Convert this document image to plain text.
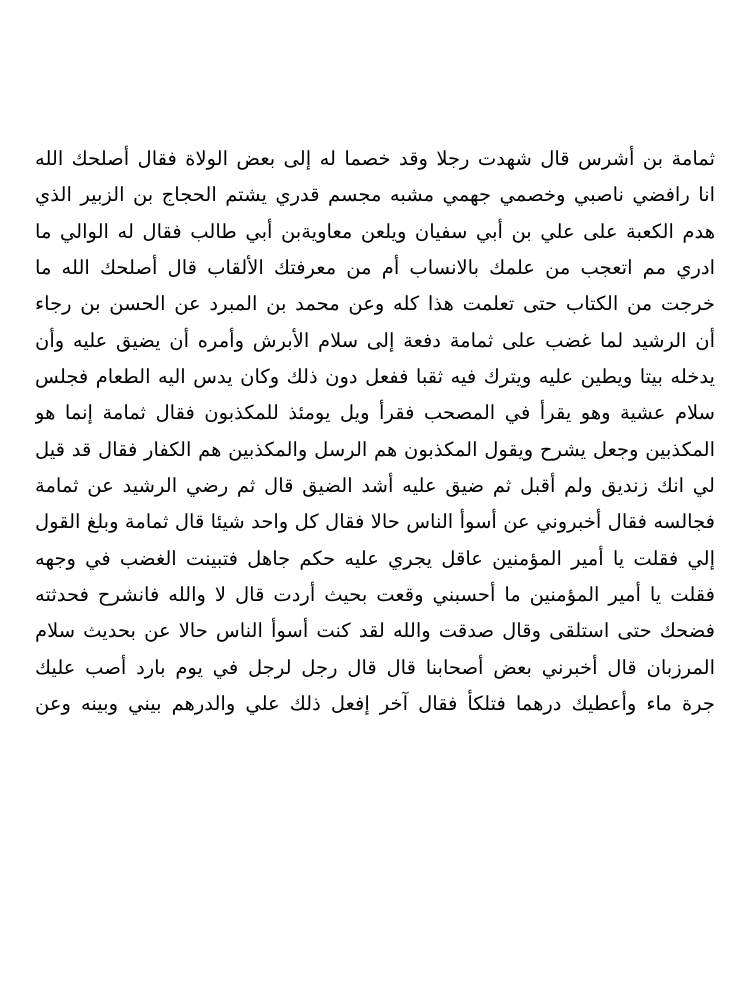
ثمامة بن أشرس قال شهدت رجلا وقد خصما له إلى بعض الولاة فقال أصلحك الله
انا رافضي ناصبي وخصمي جهمي مشبه مجسم قدري يشتم الحجاج بن الزبير الذي
هدم الكعبة على علي بن أبي سفيان ويلعن معاويةبن أبي طالب فقال له الوالي ما
ادري مم اتعجب من علمك بالانساب أم من معرفتك الألقاب قال أصلحك الله ما
خرجت من الكتاب حتى تعلمت هذا كله وعن محمد بن المبرد عن الحسن بن رجاء
أن الرشيد لما غضب على ثمامة دفعة إلى سلام الأبرش وأمره أن يضيق عليه وأن
يدخله بيتا ويطين عليه ويترك فيه ثقبا ففعل دون ذلك وكان يدس اليه الطعام فجلس
سلام عشية وهو يقرأ في المصحب فقرأ ويل يومئذ للمكذبون فقال ثمامة إنما هو
المكذبين وجعل يشرح ويقول المكذبون هم الرسل والمكذبين هم الكفار فقال قد قيل
لي انك زنديق ولم أقبل ثم ضيق عليه أشد الضيق قال ثم رضي الرشيد عن ثمامة
فجالسه فقال أخبروني عن أسوأ الناس حالا فقال كل واحد شيئا قال ثمامة وبلغ القول
إلي فقلت يا أمير المؤمنين عاقل يجري عليه حكم جاهل فتبينت الغضب في وجهه
فقلت يا أمير المؤمنين ما أحسبني وقعت بحيث أردت قال لا والله فانشرح فحدثته
فضحك حتى استلقى وقال صدقت والله لقد كنت أسوأ الناس حالا عن بحديث سلام
المرزبان قال أخبرني بعض أصحابنا قال قال رجل لرجل في يوم بارد أصب عليك
جرة ماء وأعطيك درهما فتلكأ فقال آخر إفعل ذلك علي والدرهم بيني وبينه وعن
